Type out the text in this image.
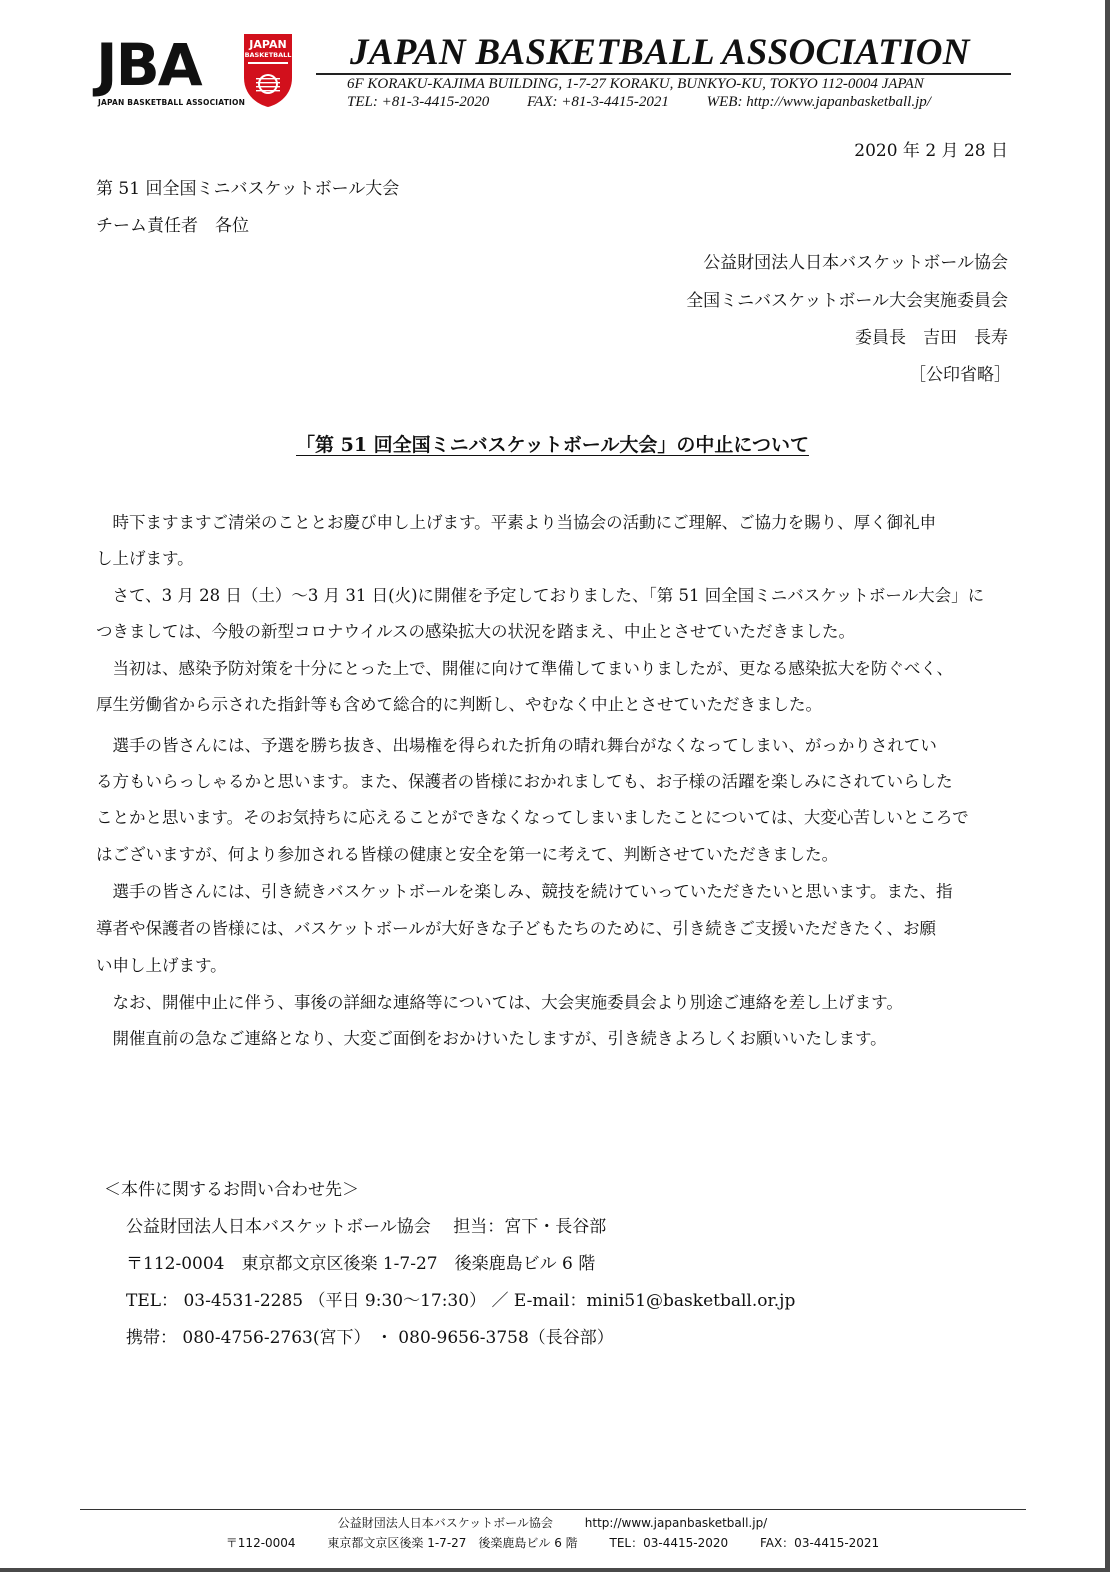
JBA	JAPAN
BASKETBALL
JAPAN BASKETBALL ASSOCIATION
JAPAN BASKETBALL ASSOCIATION
6F KORAKU-KAJIMA BUILDING, 1-7-27 KORAKU, BUNKYO-KU, TOKYO 112-0004 JAPAN
TEL: +81-3-4415-2020	FAX: +81-3-4415-2021	WEB: http://www.japanbasketball.jp/
2020 年 2 月 28 日
第 51 回全国ミニバスケットボール大会
チーム責任者　各位
公益財団法人日本バスケットボール協会
全国ミニバスケットボール大会実施委員会
委員長　吉田　長寿
［公印省略］
「第 51 回全国ミニバスケットボール大会」の中止について
　時下ますますご清栄のこととお慶び申し上げます。平素より当協会の活動にご理解、ご協力を賜り、厚く御礼申
し上げます。
　さて、3 月 28 日（土）～3 月 31 日(火)に開催を予定しておりました、「第 51 回全国ミニバスケットボール大会」に
つきましては、今般の新型コロナウイルスの感染拡大の状況を踏まえ、中止とさせていただきました。
　当初は、感染予防対策を十分にとった上で、開催に向けて準備してまいりましたが、更なる感染拡大を防ぐべく、
厚生労働省から示された指針等も含めて総合的に判断し、やむなく中止とさせていただきました。
　選手の皆さんには、予選を勝ち抜き、出場権を得られた折角の晴れ舞台がなくなってしまい、がっかりされてい
る方もいらっしゃるかと思います。また、保護者の皆様におかれましても、お子様の活躍を楽しみにされていらした
ことかと思います。そのお気持ちに応えることができなくなってしまいましたことについては、大変心苦しいところで
はございますが、何より参加される皆様の健康と安全を第一に考えて、判断させていただきました。
　選手の皆さんには、引き続きバスケットボールを楽しみ、競技を続けていっていただきたいと思います。また、指
導者や保護者の皆様には、バスケットボールが大好きな子どもたちのために、引き続きご支援いただきたく、お願
い申し上げます。
　なお、開催中止に伴う、事後の詳細な連絡等については、大会実施委員会より別途ご連絡を差し上げます。
　開催直前の急なご連絡となり、大変ご面倒をおかけいたしますが、引き続きよろしくお願いいたします。
＜本件に関するお問い合わせ先＞
公益財団法人日本バスケットボール協会　 担当：宮下・長谷部
〒112-0004　東京都文京区後楽 1-7-27　後楽鹿島ビル 6 階
TEL： 03-4531-2285 （平日 9:30～17:30） ／ E-mail：mini51@basketball.or.jp
携帯： 080-4756-2763(宮下） ・ 080-9656-3758（長谷部）
公益財団法人日本バスケットボール協会	http://www.japanbasketball.jp/
〒112-0004	東京都文京区後楽 1-7-27　後楽鹿島ビル 6 階	TEL：03-4415-2020	FAX：03-4415-2021
